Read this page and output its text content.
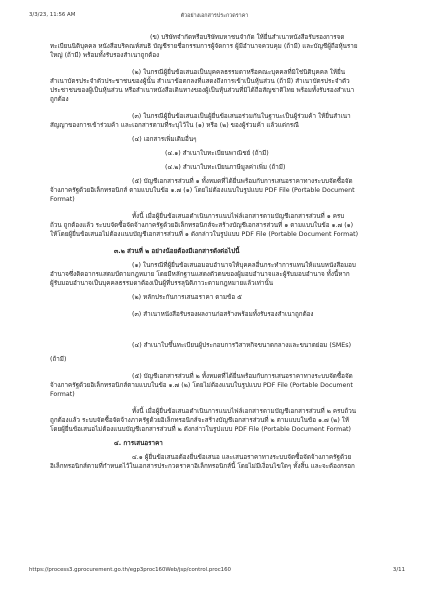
3/3/23, 11:56 AM	ตัวอย่างเอกสารประกวดราคา
(ข) บริษัทจำกัดหรือบริษัทมหาชนจำกัด ให้ยื่นสำเนาหนังสือรับรองการจด
ทะเบียนนิติบุคคล หนังสือบริคณห์สนธิ บัญชีรายชื่อกรรมการผู้จัดการ ผู้มีอำนาจควบคุม (ถ้ามี) และบัญชีผู้ถือหุ้นราย
ใหญ่ (ถ้ามี) พร้อมทั้งรับรองสำเนาถูกต้อง
(๒) ในกรณีผู้ยื่นข้อเสนอเป็นบุคคลธรรมดาหรือคณะบุคคลที่มิใช่นิติบุคคล ให้ยื่น
สำเนาบัตรประจำตัวประชาชนของผู้นั้น สำเนาข้อตกลงที่แสดงถึงการเข้าเป็นหุ้นส่วน (ถ้ามี) สำเนาบัตรประจำตัว
ประชาชนของผู้เป็นหุ้นส่วน หรือสำเนาหนังสือเดินทางของผู้เป็นหุ้นส่วนที่มิได้ถือสัญชาติไทย พร้อมทั้งรับรองสำเนา
ถูกต้อง
(๓) ในกรณีผู้ยื่นข้อเสนอเป็นผู้ยื่นข้อเสนอร่วมกันในฐานะเป็นผู้ร่วมค้า ให้ยื่นสำเนา
สัญญาของการเข้าร่วมค้า และเอกสารตามที่ระบุไว้ใน (๑) หรือ (๒) ของผู้ร่วมค้า แล้วแต่กรณี
(๔) เอกสารเพิ่มเติมอื่นๆ
(๔.๑) สำเนาใบทะเบียนพาณิชย์ (ถ้ามี)
(๔.๒) สำเนาใบทะเบียนภาษีมูลค่าเพิ่ม (ถ้ามี)
(๕) บัญชีเอกสารส่วนที่ ๑ ทั้งหมดที่ได้ยื่นพร้อมกับการเสนอราคาทางระบบจัดซื้อจัด
จ้างภาครัฐด้วยอิเล็กทรอนิกส์ ตามแบบในข้อ ๑.๗ (๑) โดยไม่ต้องแนบในรูปแบบ PDF File (Portable Document
Format)
ทั้งนี้ เมื่อผู้ยื่นข้อเสนอดำเนินการแนบไฟล์เอกสารตามบัญชีเอกสารส่วนที่ ๑ ครบ
ถ้วน ถูกต้องแล้ว ระบบจัดซื้อจัดจ้างภาครัฐด้วยอิเล็กทรอนิกส์จะสร้างบัญชีเอกสารส่วนที่ ๑ ตามแบบในข้อ ๑.๗ (๑)
ให้โดยผู้ยื่นข้อเสนอไม่ต้องแนบบัญชีเอกสารส่วนที่ ๑ ดังกล่าวในรูปแบบ PDF File (Portable Document Format)
๓.๒ ส่วนที่ ๒ อย่างน้อยต้องมีเอกสารดังต่อไปนี้
(๑) ในกรณีที่ผู้ยื่นข้อเสนอมอบอำนาจให้บุคคลอื่นกระทำการแทนให้แนบหนังสือมอบ
อำนาจซึ่งติดอากรแสตมป์ตามกฎหมาย โดยมีหลักฐานแสดงตัวตนของผู้มอบอำนาจและผู้รับมอบอำนาจ ทั้งนี้หาก
ผู้รับมอบอำนาจเป็นบุคคลธรรมดาต้องเป็นผู้ที่บรรลุนิติภาวะตามกฎหมายแล้วเท่านั้น
(๒) หลักประกันการเสนอราคา ตามข้อ ๕
(๓) สำเนาหนังสือรับรองผลงานก่อสร้างพร้อมทั้งรับรองสำเนาถูกต้อง
(๔) สำเนาใบขึ้นทะเบียนผู้ประกอบการวิสาหกิจขนาดกลางและขนาดย่อม (SMEs)
(ถ้ามี)
(๕) บัญชีเอกสารส่วนที่ ๒ ทั้งหมดที่ได้ยื่นพร้อมกับการเสนอราคาทางระบบจัดซื้อจัด
จ้างภาครัฐด้วยอิเล็กทรอนิกส์ตามแบบในข้อ ๑.๗ (๒) โดยไม่ต้องแนบในรูปแบบ PDF File (Portable Document
Format)
ทั้งนี้ เมื่อผู้ยื่นข้อเสนอดำเนินการแนบไฟล์เอกสารตามบัญชีเอกสารส่วนที่ ๒ ครบถ้วน
ถูกต้องแล้ว ระบบจัดซื้อจัดจ้างภาครัฐด้วยอิเล็กทรอนิกส์จะสร้างบัญชีเอกสารส่วนที่ ๒ ตามแบบในข้อ ๑.๗ (๒) ให้
โดยผู้ยื่นข้อเสนอไม่ต้องแนบบัญชีเอกสารส่วนที่ ๒ ดังกล่าวในรูปแบบ PDF File (Portable Document Format)
๔. การเสนอราคา
๔.๑ ผู้ยื่นข้อเสนอต้องยื่นข้อเสนอ และเสนอราคาทางระบบจัดซื้อจัดจ้างภาครัฐด้วย
อิเล็กทรอนิกส์ตามที่กำหนดไว้ในเอกสารประกวดราคาอิเล็กทรอนิกส์นี้ โดยไม่มีเงื่อนไขใดๆ ทั้งสิ้น และจะต้องกรอก
https://process3.gprocurement.go.th/egp3proc160Web/jsp/control.proc160	3/11
